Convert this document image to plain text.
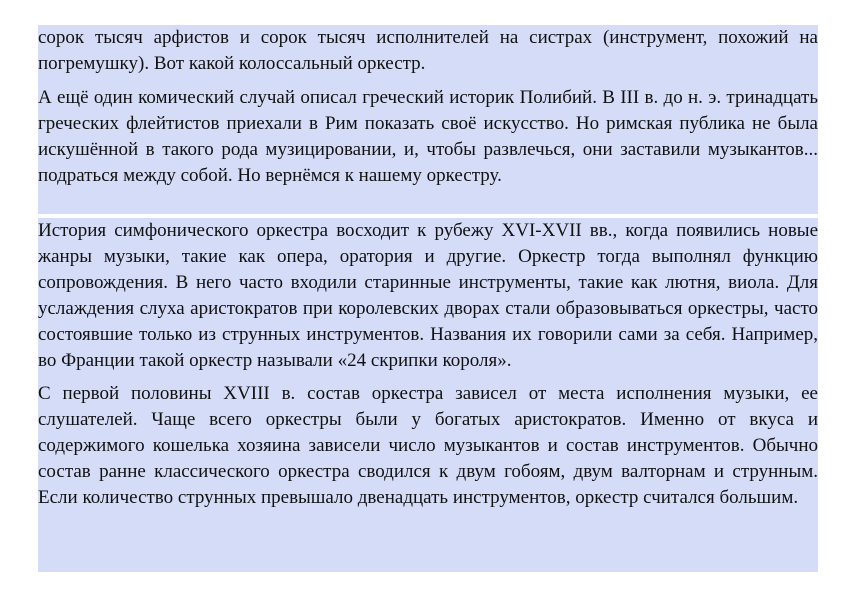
сорок тысяч арфистов и сорок тысяч исполнителей на систрах (инструмент, похожий на погремушку). Вот какой колоссальный оркестр.

А ещё один комический случай описал греческий историк Полибий. В III в. до н. э. тринадцать греческих флейтистов приехали в Рим показать своё искусство. Но римская публика не была искушённой в такого рода музицировании, и, чтобы развлечься, они заставили музыкантов... подраться между собой. Но вернёмся к нашему оркестру.

История симфонического оркестра восходит к рубежу XVI-XVII вв., когда появились новые жанры музыки, такие как опера, оратория и другие. Оркестр тогда выполнял функцию сопровождения. В него часто входили старинные инструменты, такие как лютня, виола. Для услаждения слуха аристократов при королевских дворах стали образовываться оркестры, часто состоявшие только из струнных инструментов. Названия их говорили сами за себя. Например, во Франции такой оркестр называли «24 скрипки короля».

С первой половины XVIII в. состав оркестра зависел от места исполнения музыки, ее слушателей. Чаще всего оркестры были у богатых аристократов. Именно от вкуса и содержимого кошелька хозяина зависели число музыкантов и состав инструментов. Обычно состав ранне классического оркестра сводился к двум гобоям, двум валторнам и струнным. Если количество струнных превышало двенадцать инструментов, оркестр считался большим.
